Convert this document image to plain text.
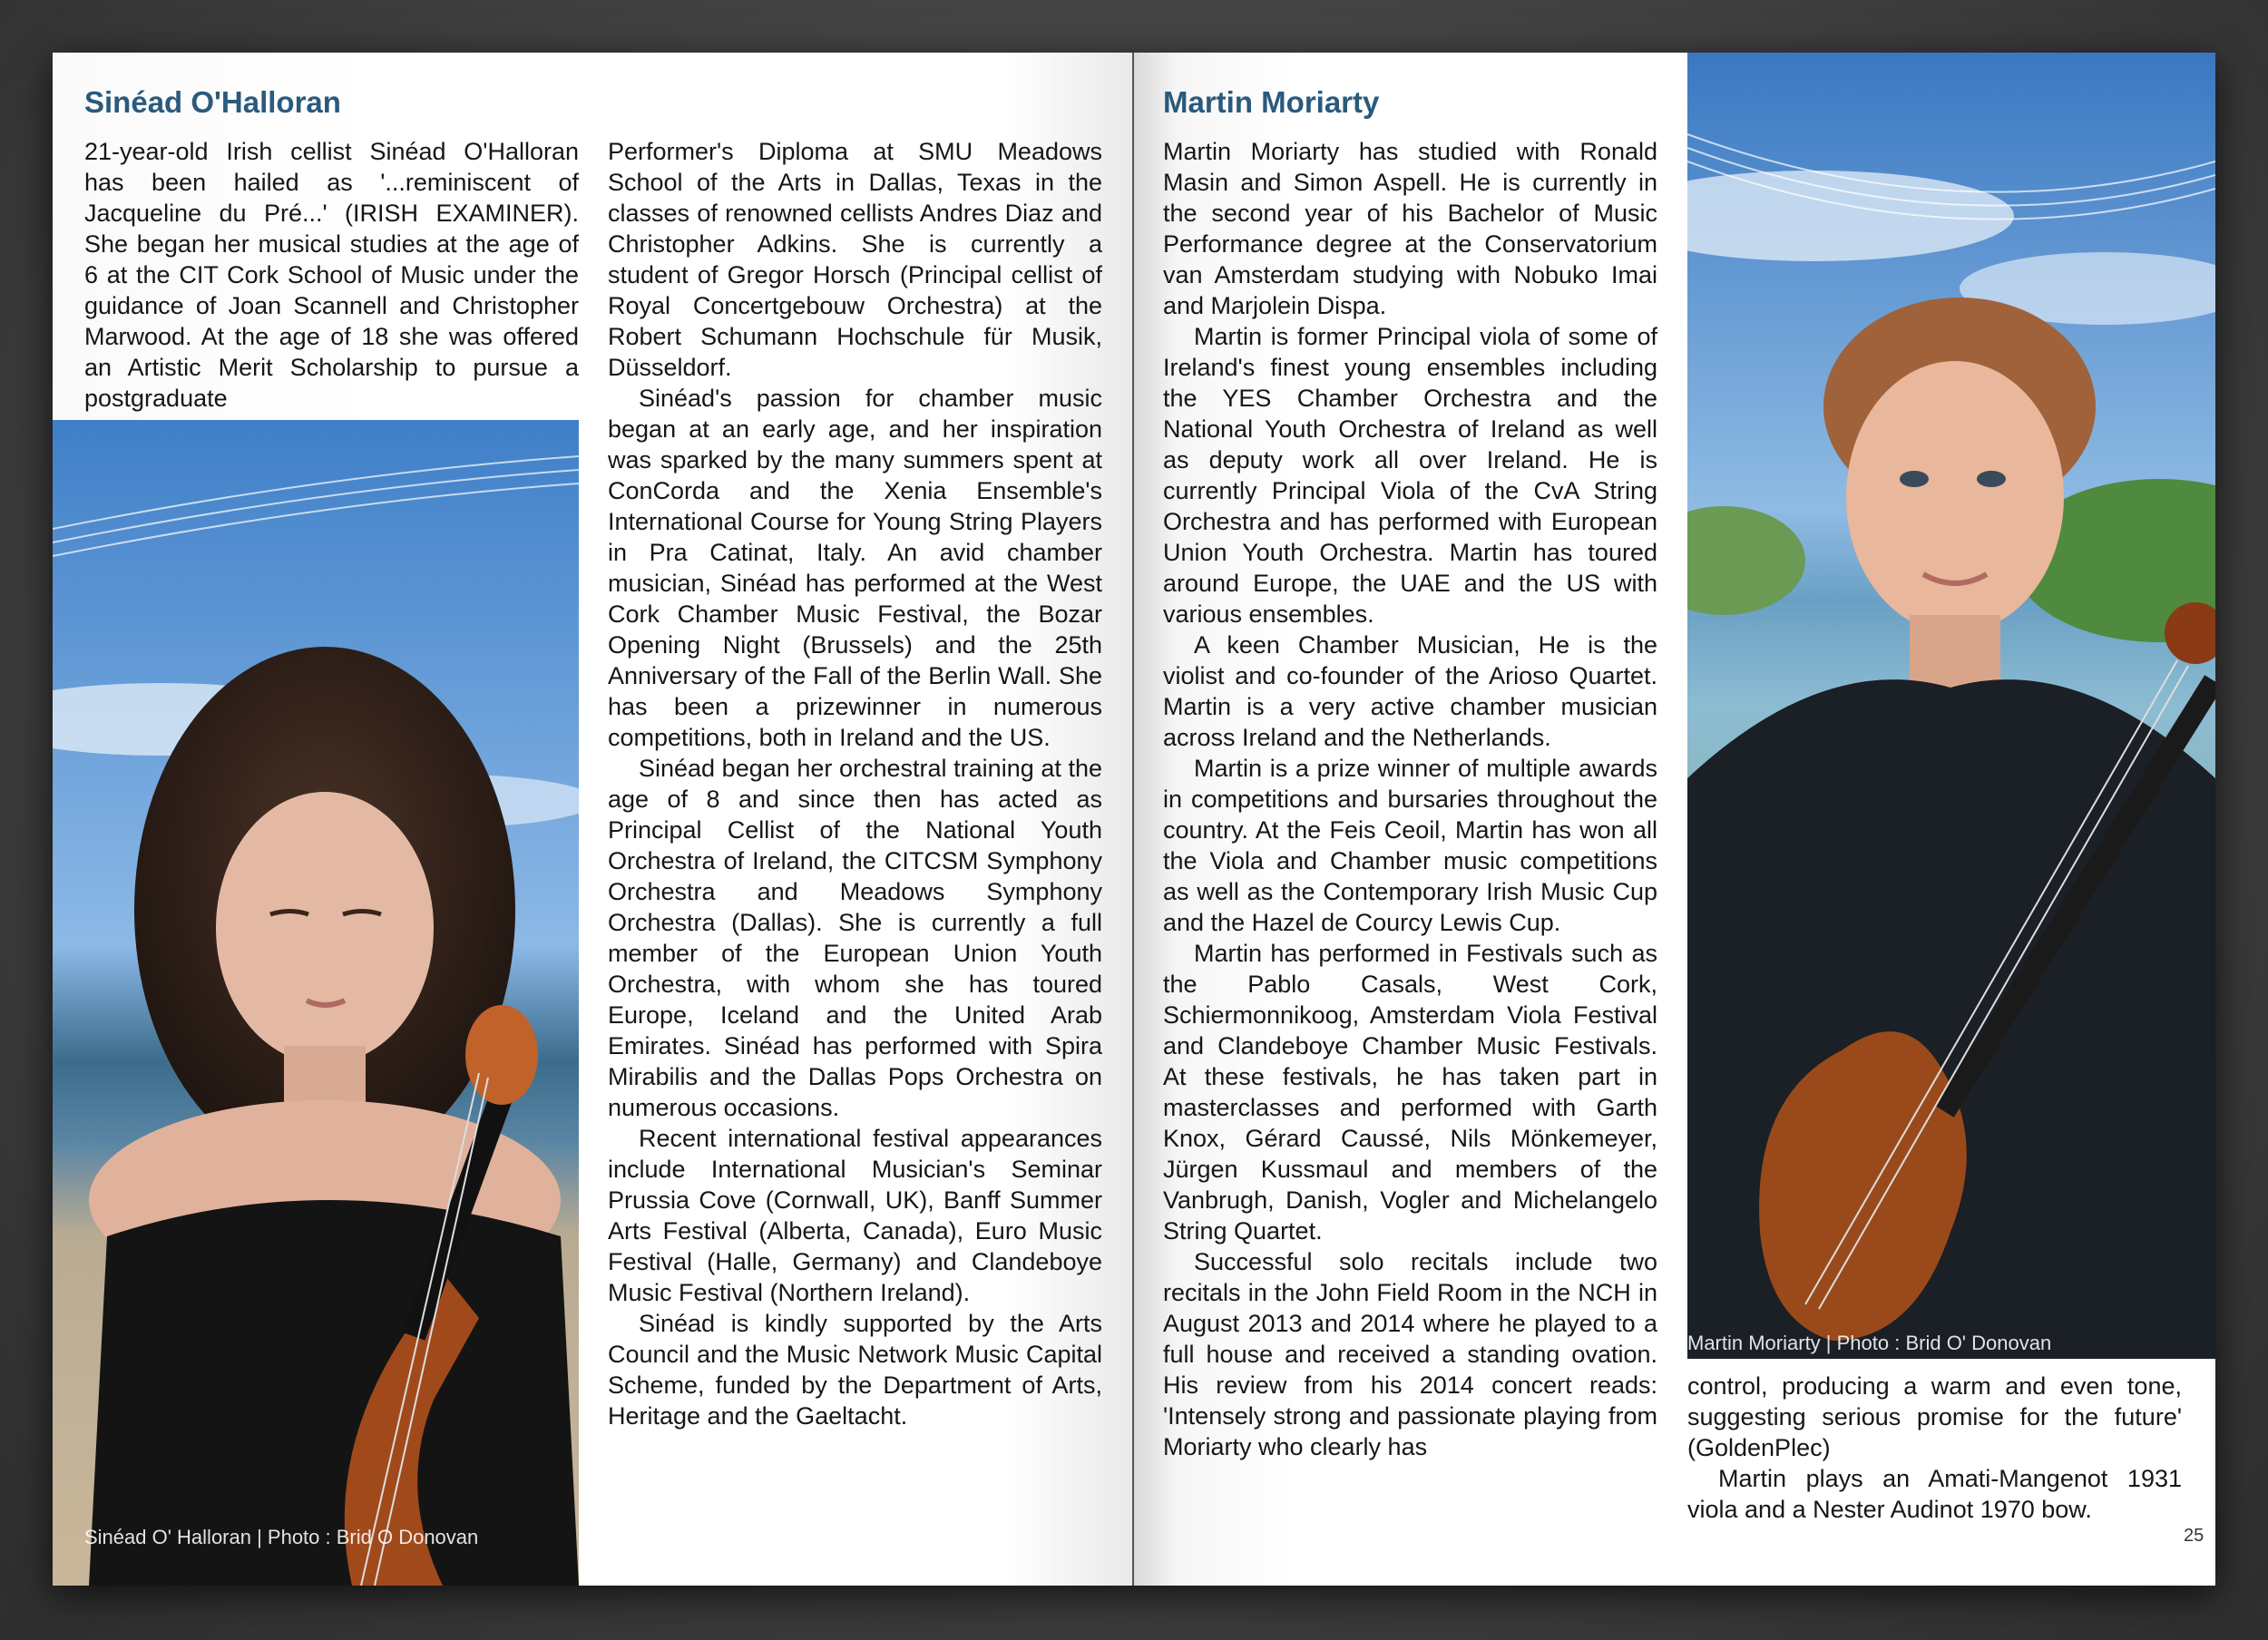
Sinéad O'Halloran

21-year-old Irish cellist Sinéad O'Halloran has been hailed as '...reminiscent of Jacqueline du Pré...' (IRISH EXAMINER). She began her musical studies at the age of 6 at the CIT Cork School of Music under the guidance of Joan Scannell and Christopher Marwood. At the age of 18 she was offered an Artistic Merit Scholarship to pursue a postgraduate

Sinéad O' Halloran | Photo : Brid O Donovan

Performer's Diploma at SMU Meadows School of the Arts in Dallas, Texas in the classes of renowned cellists Andres Diaz and Christopher Adkins. She is currently a student of Gregor Horsch (Principal cellist of Royal Concertgebouw Orchestra) at the Robert Schumann Hochschule für Musik, Düsseldorf.

Sinéad's passion for chamber music began at an early age, and her inspiration was sparked by the many summers spent at ConCorda and the Xenia Ensemble's International Course for Young String Players in Pra Catinat, Italy. An avid chamber musician, Sinéad has performed at the West Cork Chamber Music Festival, the Bozar Opening Night (Brussels) and the 25th Anniversary of the Fall of the Berlin Wall. She has been a prizewinner in numerous competitions, both in Ireland and the US.

Sinéad began her orchestral training at the age of 8 and since then has acted as Principal Cellist of the National Youth Orchestra of Ireland, the CITCSM Symphony Orchestra and Meadows Symphony Orchestra (Dallas). She is currently a full member of the European Union Youth Orchestra, with whom she has toured Europe, Iceland and the United Arab Emirates. Sinéad has performed with Spira Mirabilis and the Dallas Pops Orchestra on numerous occasions.

Recent international festival appearances include International Musician's Seminar Prussia Cove (Cornwall, UK), Banff Summer Arts Festival (Alberta, Canada), Euro Music Festival (Halle, Germany) and Clandeboye Music Festival (Northern Ireland).

Sinéad is kindly supported by the Arts Council and the Music Network Music Capital Scheme, funded by the Department of Arts, Heritage and the Gaeltacht.

Martin Moriarty

Martin Moriarty has studied with Ronald Masin and Simon Aspell. He is currently in the second year of his Bachelor of Music Performance degree at the Conservatorium van Amsterdam studying with Nobuko Imai and Marjolein Dispa.

Martin is former Principal viola of some of Ireland's finest young ensembles including the YES Chamber Orchestra and the National Youth Orchestra of Ireland as well as deputy work all over Ireland. He is currently Principal Viola of the CvA String Orchestra and has performed with European Union Youth Orchestra. Martin has toured around Europe, the UAE and the US with various ensembles.

A keen Chamber Musician, He is the violist and co-founder of the Arioso Quartet. Martin is a very active chamber musician across Ireland and the Netherlands.

Martin is a prize winner of multiple awards in competitions and bursaries throughout the country. At the Feis Ceoil, Martin has won all the Viola and Chamber music competitions as well as the Contemporary Irish Music Cup and the Hazel de Courcy Lewis Cup.

Martin has performed in Festivals such as the Pablo Casals, West Cork, Schiermonnikoog, Amsterdam Viola Festival and Clandeboye Chamber Music Festivals. At these festivals, he has taken part in masterclasses and performed with Garth Knox, Gérard Caussé, Nils Mönkemeyer, Jürgen Kussmaul and members of the Vanbrugh, Danish, Vogler and Michelangelo String Quartet.

Successful solo recitals include two recitals in the John Field Room in the NCH in August 2013 and 2014 where he played to a full house and received a standing ovation. His review from his 2014 concert reads: 'Intensely strong and passionate playing from Moriarty who clearly has

Martin Moriarty | Photo : Brid O' Donovan

control, producing a warm and even tone, suggesting serious promise for the future' (GoldenPlec)

Martin plays an Amati-Mangenot 1931 viola and a Nester Audinot 1970 bow.

25
